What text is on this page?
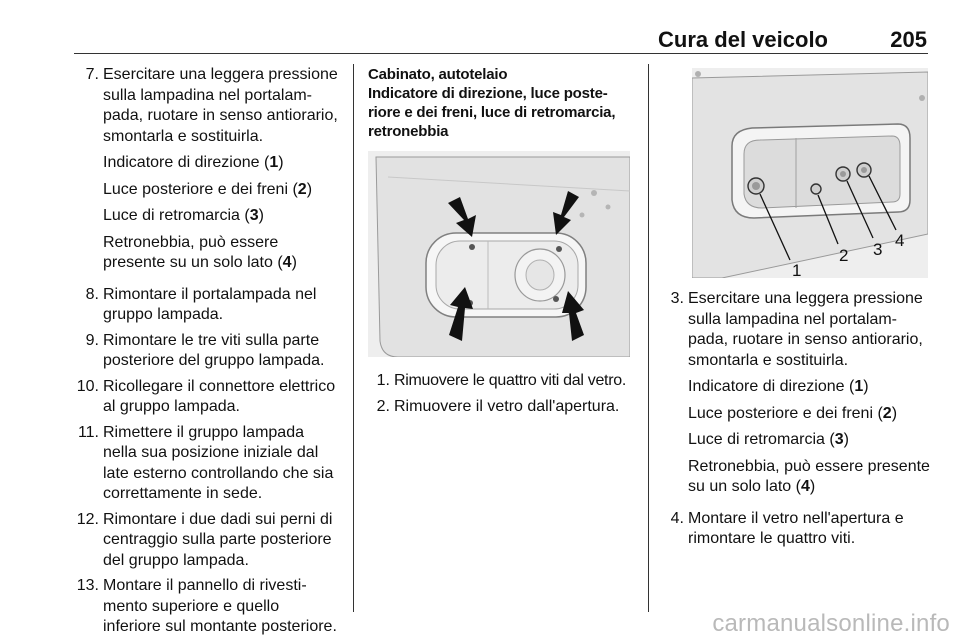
Cura del veicolo	205
7. Esercitare una leggera pressione sulla lampadina nel portalam-pada, ruotare in senso antiorario, smontarla e sostituirla.

Indicatore di direzione (1)

Luce posteriore e dei freni (2)

Luce di retromarcia (3)

Retronebbia, può essere presente su un solo lato (4)

8. Rimontare il portalampada nel gruppo lampada.
9. Rimontare le tre viti sulla parte posteriore del gruppo lampada.
10. Ricollegare il connettore elettrico al gruppo lampada.
11. Rimettere il gruppo lampada nella sua posizione iniziale dal late esterno controllando che sia correttamente in sede.
12. Rimontare i due dadi sui perni di centraggio sulla parte posteriore del gruppo lampada.
13. Montare il pannello di rivesti-mento superiore e quello inferiore sul montante posteriore.
Cabinato, autotelaio
Indicatore di direzione, luce poste-riore e dei freni, luce di retromarcia, retronebbia
1. Rimuovere le quattro viti dal vetro.
2. Rimuovere il vetro dall'apertura.
1
2 3 4
3. Esercitare una leggera pressione sulla lampadina nel portalam-pada, ruotare in senso antiorario, smontarla e sostituirla.

Indicatore di direzione (1)

Luce posteriore e dei freni (2)

Luce di retromarcia (3)

Retronebbia, può essere presente su un solo lato (4)

4. Montare il vetro nell'apertura e rimontare le quattro viti.
carmanualsonline.info
